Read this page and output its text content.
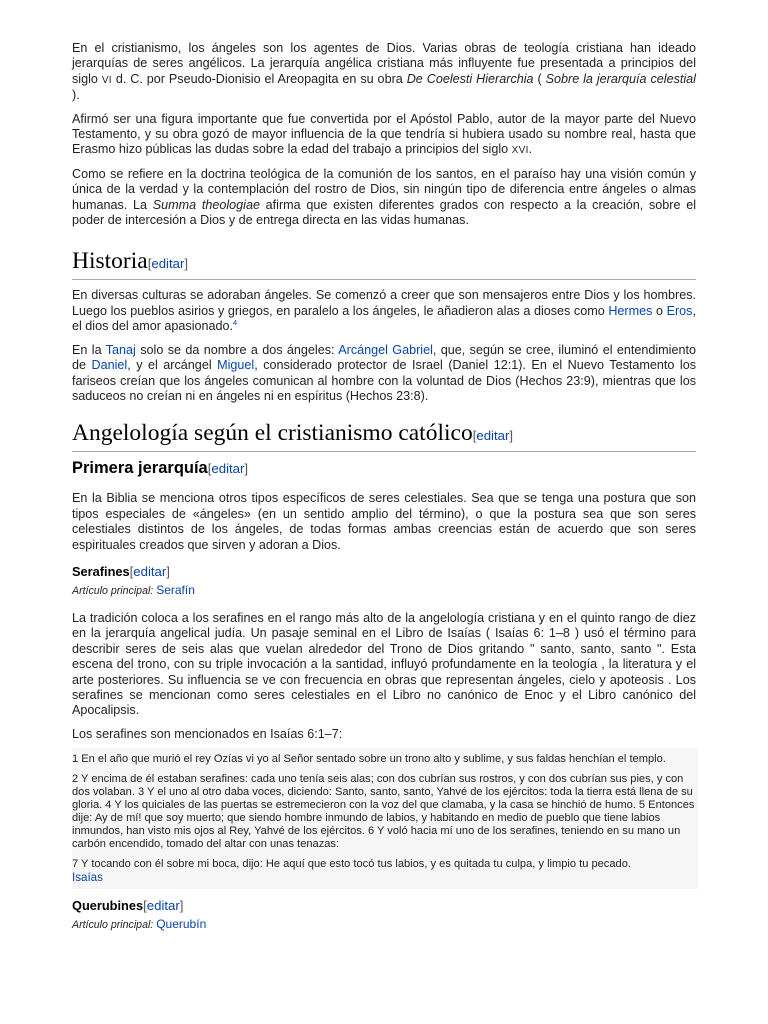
En el cristianismo, los ángeles son los agentes de Dios. Varias obras de teología cristiana han ideado jerarquías de seres angélicos. La jerarquía angélica cristiana más influyente fue presentada a principios del siglo VI d. C. por Pseudo-Dionisio el Areopagita en su obra De Coelesti Hierarchia ( Sobre la jerarquía celestial ).

Afirmó ser una figura importante que fue convertida por el Apóstol Pablo, autor de la mayor parte del Nuevo Testamento, y su obra gozó de mayor influencia de la que tendría si hubiera usado su nombre real, hasta que Erasmo hizo públicas las dudas sobre la edad del trabajo a principios del siglo XVI.

Como se refiere en la doctrina teológica de la comunión de los santos, en el paraíso hay una visión común y única de la verdad y la contemplación del rostro de Dios, sin ningún tipo de diferencia entre ángeles o almas humanas. La Summa theologiae afirma que existen diferentes grados con respecto a la creación, sobre el poder de intercesión a Dios y de entrega directa en las vidas humanas.

Historia[editar]

En diversas culturas se adoraban ángeles. Se comenzó a creer que son mensajeros entre Dios y los hombres. Luego los pueblos asirios y griegos, en paralelo a los ángeles, le añadieron alas a dioses como Hermes o Eros, el dios del amor apasionado.$^4$

En la Tanaj solo se da nombre a dos ángeles: Arcángel Gabriel, que, según se cree, iluminó el entendimiento de Daniel, y el arcángel Miguel, considerado protector de Israel (Daniel 12:1). En el Nuevo Testamento los fariseos creían que los ángeles comunican al hombre con la voluntad de Dios (Hechos 23:9), mientras que los saduceos no creían ni en ángeles ni en espíritus (Hechos 23:8).

Angelología según el cristianismo católico[editar]
Primera jerarquía[editar]

En la Biblia se menciona otros tipos específicos de seres celestiales. Sea que se tenga una postura que son tipos especiales de «ángeles» (en un sentido amplio del término), o que la postura sea que son seres celestiales distintos de los ángeles, de todas formas ambas creencias están de acuerdo que son seres espirituales creados que sirven y adoran a Dios.

Serafines[editar]
Artículo principal: Serafín

La tradición coloca a los serafines en el rango más alto de la angelología cristiana y en el quinto rango de diez en la jerarquía angelical judía. Un pasaje seminal en el Libro de Isaías ( Isaías 6: 1–8 ) usó el término para describir seres de seis alas que vuelan alrededor del Trono de Dios gritando " santo, santo, santo ". Esta escena del trono, con su triple invocación a la santidad, influyó profundamente en la teología , la literatura y el arte posteriores. Su influencia se ve con frecuencia en obras que representan ángeles, cielo y apoteosis . Los serafines se mencionan como seres celestiales en el Libro no canónico de Enoc y el Libro canónico del Apocalipsis.

Los serafines son mencionados en Isaías 6:1–7:

1 En el año que murió el rey Ozías vi yo al Señor sentado sobre un trono alto y sublime, y sus faldas henchían el templo.

2 Y encima de él estaban serafines: cada uno tenía seis alas; con dos cubrían sus rostros, y con dos cubrían sus pies, y con dos volaban. 3 Y el uno al otro daba voces, diciendo: Santo, santo, santo, Yahvé de los ejércitos: toda la tierra está llena de su gloria. 4 Y los quiciales de las puertas se estremecieron con la voz del que clamaba, y la casa se hinchió de humo. 5 Entonces dije: Ay de mí! que soy muerto; que siendo hombre inmundo de labios, y habitando en medio de pueblo que tiene labios inmundos, han visto mis ojos al Rey, Yahvé de los ejércitos. 6 Y voló hacia mí uno de los serafines, teniendo en su mano un carbón encendido, tomado del altar con unas tenazas:

7 Y tocando con él sobre mi boca, dijo: He aquí que esto tocó tus labios, y es quitada tu culpa, y limpio tu pecado.

Isaías

Querubines[editar]
Artículo principal: Querubín
